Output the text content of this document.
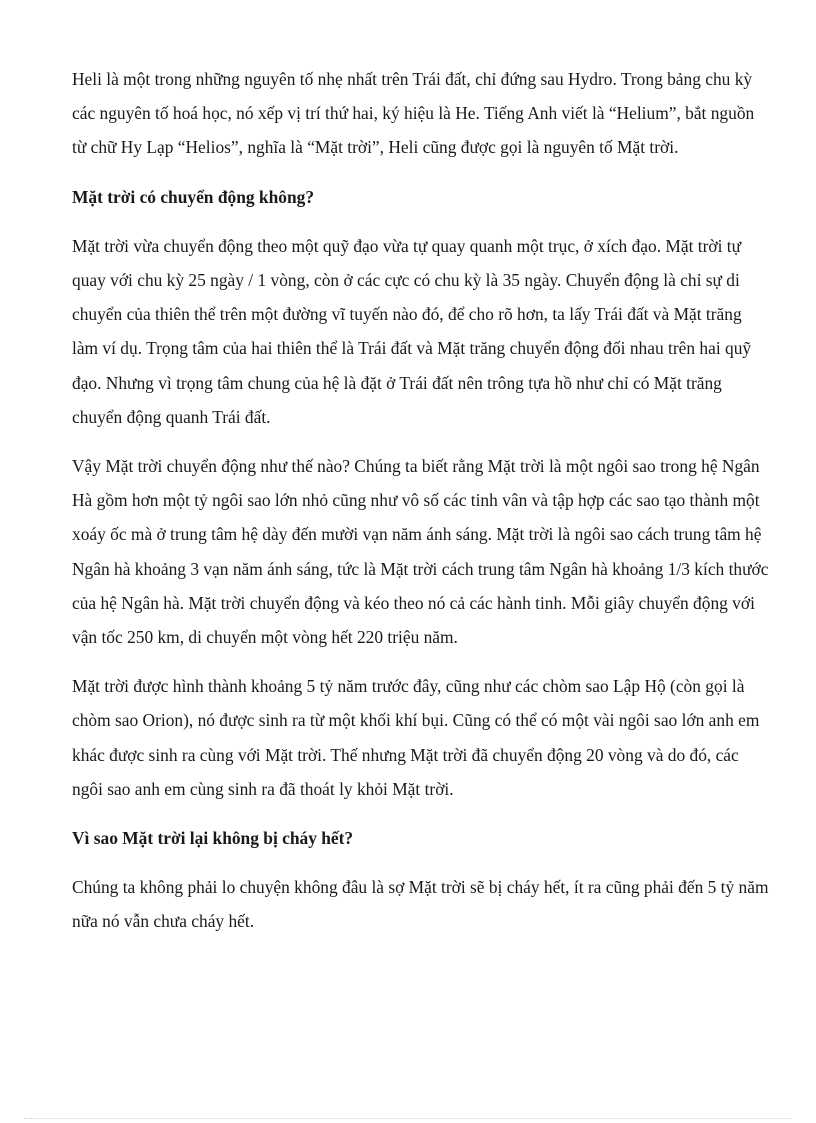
Heli là một trong những nguyên tố nhẹ nhất trên Trái đất, chỉ đứng sau Hydro. Trong bảng chu kỳ các nguyên tố hoá học, nó xếp vị trí thứ hai, ký hiệu là He. Tiếng Anh viết là “Helium”, bắt nguồn từ chữ Hy Lạp “Helios”, nghĩa là “Mặt trời”, Heli cũng được gọi là nguyên tố Mặt trời.

Mặt trời có chuyển động không?

Mặt trời vừa chuyển động theo một quỹ đạo vừa tự quay quanh một trục, ở xích đạo. Mặt trời tự quay với chu kỳ 25 ngày / 1 vòng, còn ở các cực có chu kỳ là 35 ngày. Chuyển động là chỉ sự di chuyển của thiên thể trên một đường vĩ tuyến nào đó, để cho rõ hơn, ta lấy Trái đất và Mặt trăng làm ví dụ. Trọng tâm của hai thiên thể là Trái đất và Mặt trăng chuyển động đối nhau trên hai quỹ đạo. Nhưng vì trọng tâm chung của hệ là đặt ở Trái đất nên trông tựa hồ như chỉ có Mặt trăng chuyển động quanh Trái đất.

Vậy Mặt trời chuyển động như thế nào? Chúng ta biết rằng Mặt trời là một ngôi sao trong hệ Ngân Hà gồm hơn một tỷ ngôi sao lớn nhỏ cũng như vô số các tinh vân và tập hợp các sao tạo thành một xoáy ốc mà ở trung tâm hệ dày đến mười vạn năm ánh sáng. Mặt trời là ngôi sao cách trung tâm hệ Ngân hà khoảng 3 vạn năm ánh sáng, tức là Mặt trời cách trung tâm Ngân hà khoảng 1/3 kích thước của hệ Ngân hà. Mặt trời chuyển động và kéo theo nó cả các hành tinh. Mỗi giây chuyển động với vận tốc 250 km, di chuyển một vòng hết 220 triệu năm.

Mặt trời được hình thành khoảng 5 tỷ năm trước đây, cũng như các chòm sao Lập Hộ (còn gọi là chòm sao Orion), nó được sinh ra từ một khối khí bụi. Cũng có thể có một vài ngôi sao lớn anh em khác được sinh ra cùng với Mặt trời. Thế nhưng Mặt trời đã chuyển động 20 vòng và do đó, các ngôi sao anh em cùng sinh ra đã thoát ly khỏi Mặt trời.

Vì sao Mặt trời lại không bị cháy hết?

Chúng ta không phải lo chuyện không đâu là sợ Mặt trời sẽ bị cháy hết, ít ra cũng phải đến 5 tỷ năm nữa nó vẫn chưa cháy hết.
